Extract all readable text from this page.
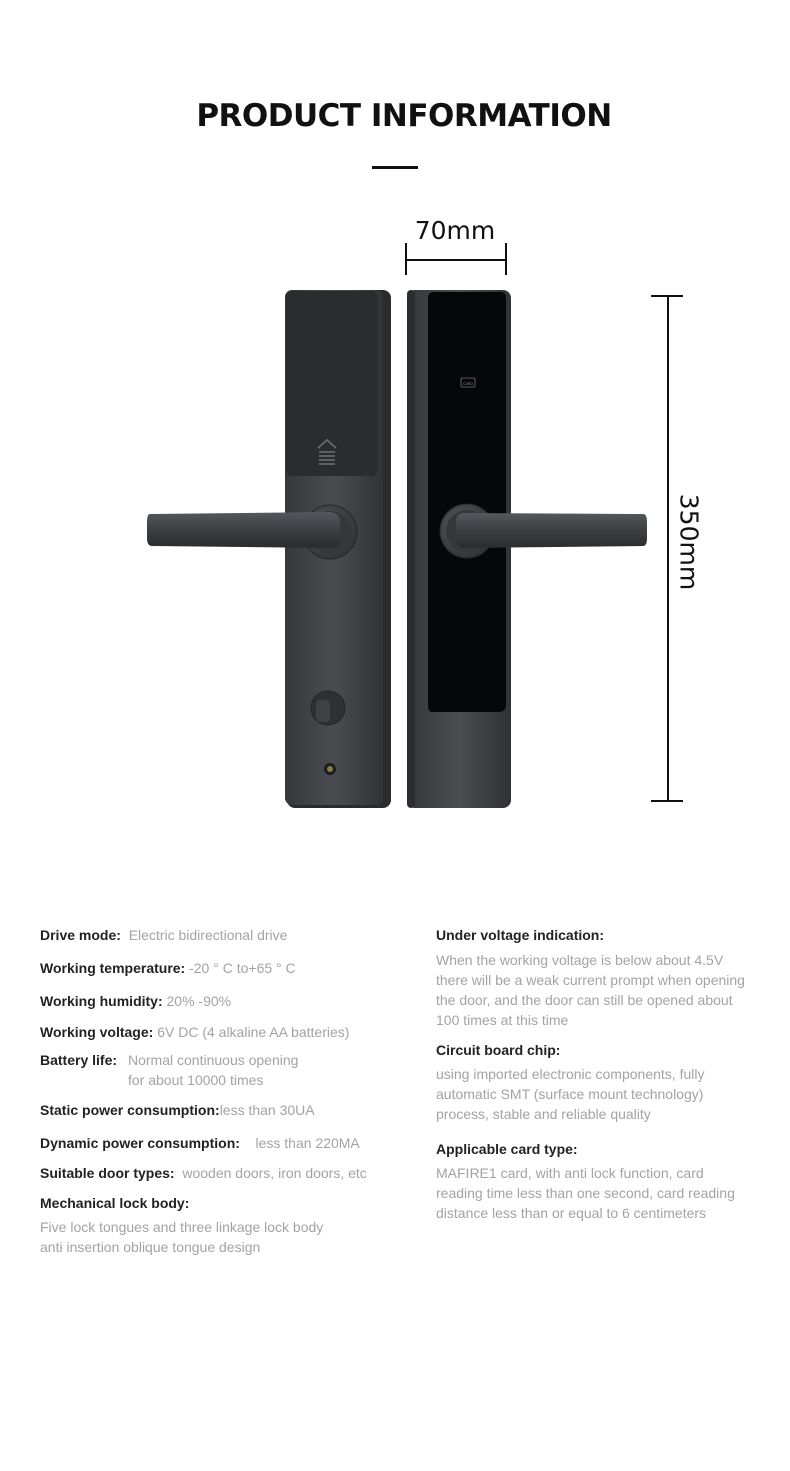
PRODUCT INFORMATION
70mm
350mm
CARD
Drive mode: Electric bidirectional drive
Working temperature: -20 ° C to+65 ° C
Working humidity: 20% -90%
Working voltage: 6V DC (4 alkaline AA batteries)
Battery life: Normal continuous opening
for about 10000 times
Static power consumption:less than 30UA
Dynamic power consumption: less than 220MA
Suitable door types: wooden doors, iron doors, etc
Mechanical lock body:
Five lock tongues and three linkage lock body
anti insertion oblique tongue design
Under voltage indication:
When the working voltage is below about 4.5V
there will be a weak current prompt when opening
the door, and the door can still be opened about
100 times at this time
Circuit board chip:
using imported electronic components, fully
automatic SMT (surface mount technology)
process, stable and reliable quality
Applicable card type:
MAFIRE1 card, with anti lock function, card
reading time less than one second, card reading
distance less than or equal to 6 centimeters
